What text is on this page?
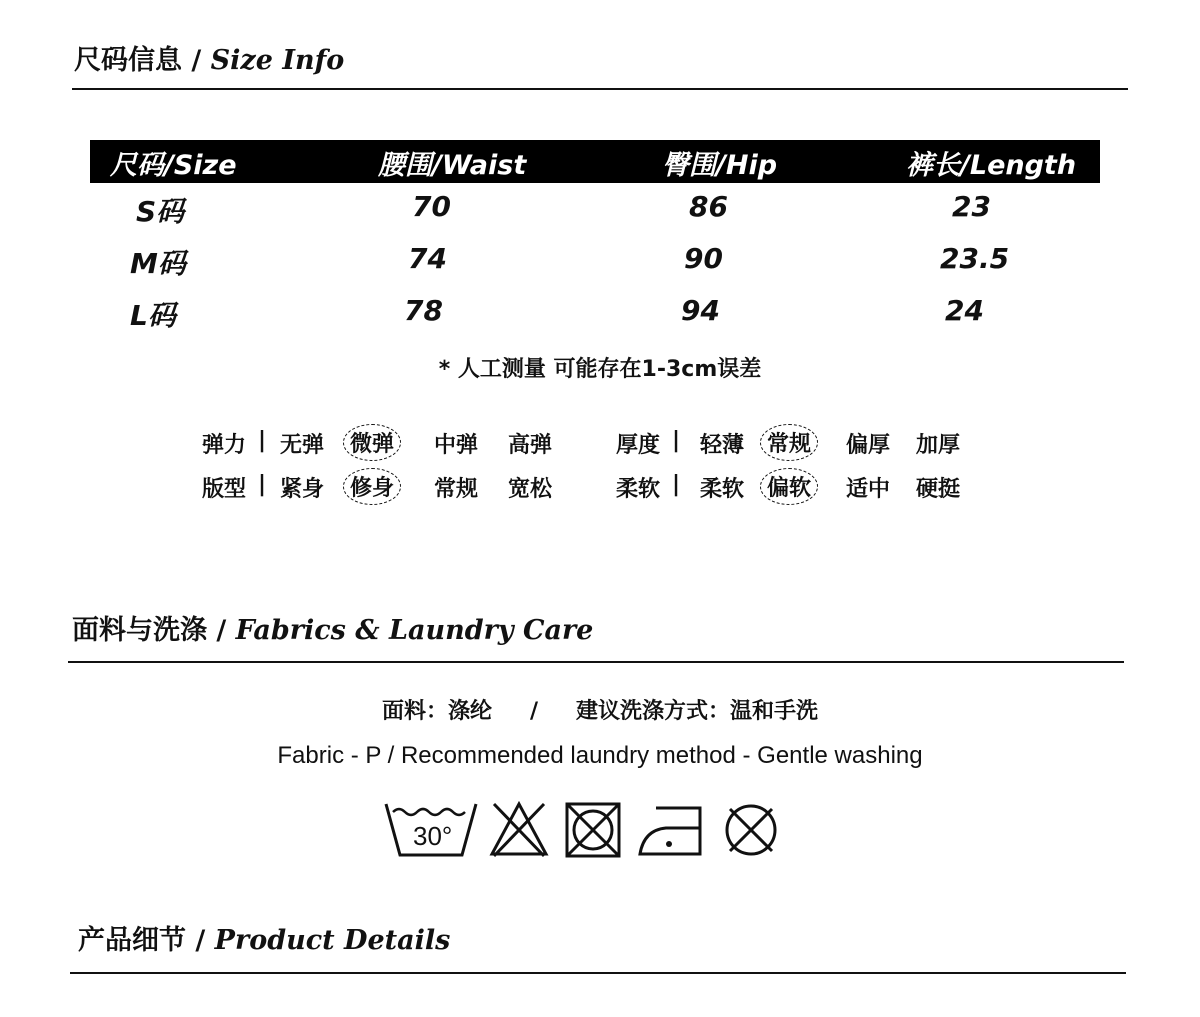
尺码信息 / Size Info
尺码/Size	腰围/Waist	臀围/Hip	裤长/Length
S码	70	86	23
M码	74	90	23.5
L码	78	94	24
* 人工测量 可能存在1-3cm误差
弹力 | 无弹	微弹	中弹 高弹	厚度 | 轻薄	常规	偏厚 加厚
版型 | 紧身	修身	常规 宽松	柔软 | 柔软	偏软	适中 硬挺
面料与洗涤 / Fabrics & Laundry Care
面料：涤纶 / 建议洗涤方式：温和手洗
Fabric - P / Recommended laundry method - Gentle washing
30°
产品细节 / Product Details
